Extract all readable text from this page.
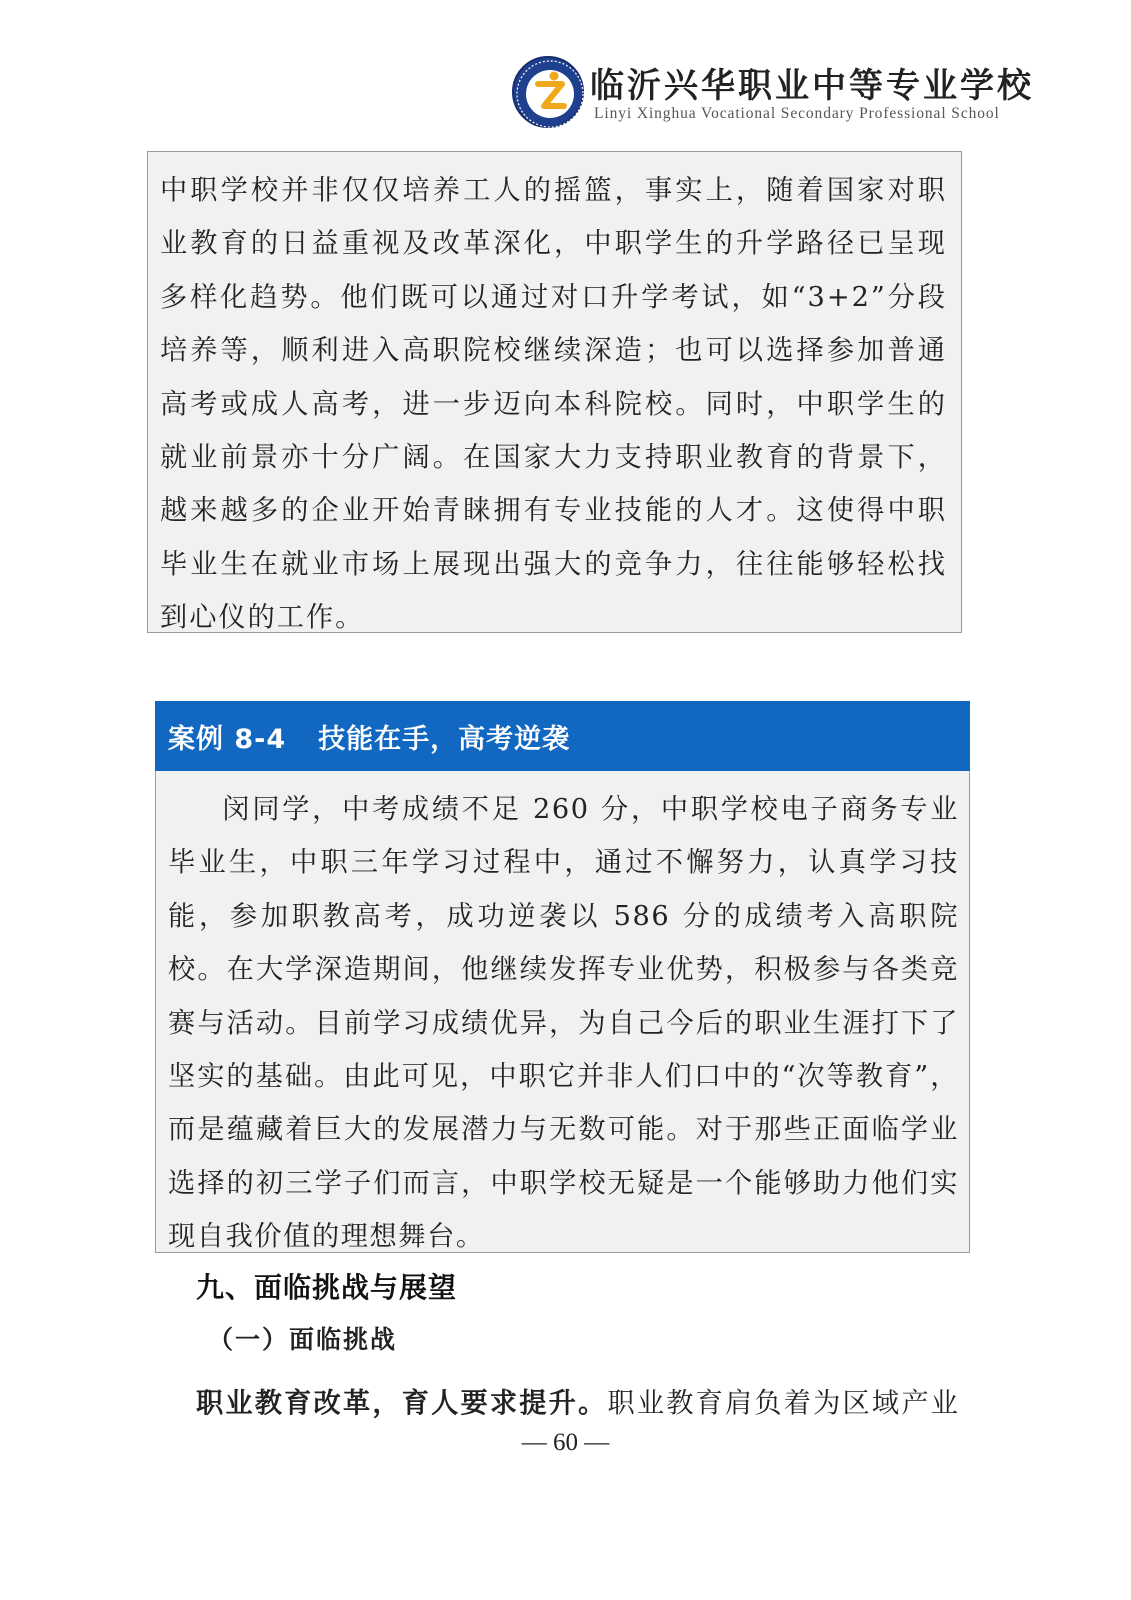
临沂兴华职业中等专业学校
Linyi Xinghua Vocational Secondary Professional School

中职学校并非仅仅培养工人的摇篮，事实上，随着国家对职业教育的日益重视及改革深化，中职学生的升学路径已呈现多样化趋势。他们既可以通过对口升学考试，如“3+2”分段培养等，顺利进入高职院校继续深造；也可以选择参加普通高考或成人高考，进一步迈向本科院校。同时，中职学生的就业前景亦十分广阔。在国家大力支持职业教育的背景下，越来越多的企业开始青睐拥有专业技能的人才。这使得中职毕业生在就业市场上展现出强大的竞争力，往往能够轻松找到心仪的工作。

案例 8-4 技能在手，高考逆袭

闵同学，中考成绩不足 260 分，中职学校电子商务专业毕业生，中职三年学习过程中，通过不懈努力，认真学习技能，参加职教高考，成功逆袭以 586 分的成绩考入高职院校。在大学深造期间，他继续发挥专业优势，积极参与各类竞赛与活动。目前学习成绩优异，为自己今后的职业生涯打下了坚实的基础。由此可见，中职它并非人们口中的“次等教育”，而是蕴藏着巨大的发展潜力与无数可能。对于那些正面临学业选择的初三学子们而言，中职学校无疑是一个能够助力他们实现自我价值的理想舞台。

九、面临挑战与展望
（一）面临挑战
职业教育改革，育人要求提升。职业教育肩负着为区域产业
— 60 —
